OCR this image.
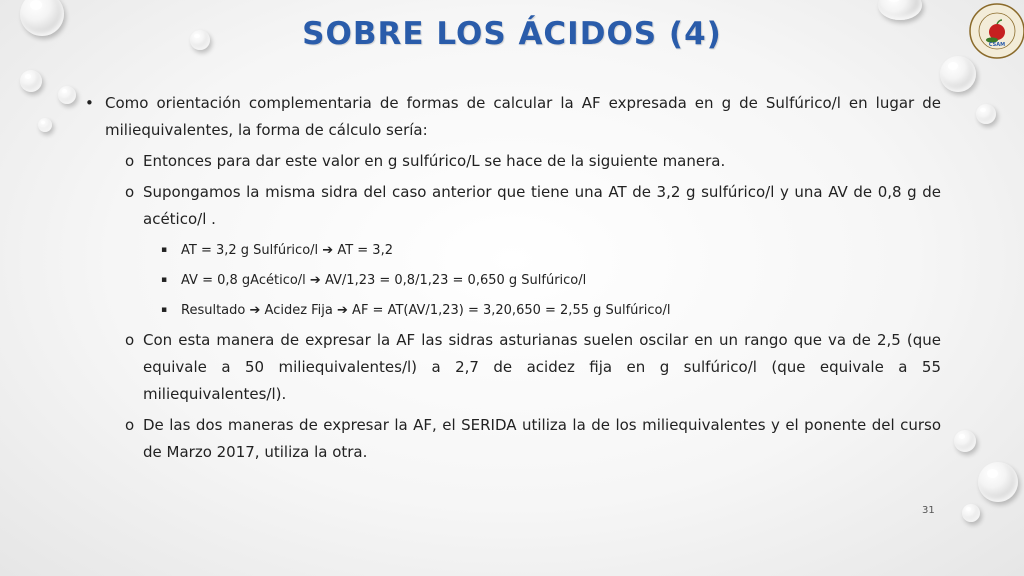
CSAM
SOBRE LOS ÁCIDOS (4)
• Como orientación complementaria de formas de calcular la AF expresada en g de Sulfúrico/l en lugar de miliequivalentes, la forma de cálculo sería:
o Entonces para dar este valor en g sulfúrico/L se hace de la siguiente manera.
o Supongamos la misma sidra del caso anterior que tiene una AT de 3,2 g sulfúrico/l y una AV de 0,8 g de acético/l .
▪ AT = 3,2 g Sulfúrico/l ➔ AT = 3,2
▪ AV = 0,8 gAcético/l ➔ AV/1,23 = 0,8/1,23 = 0,650 g Sulfúrico/l
▪ Resultado ➔ Acidez Fija ➔ AF = AT(AV/1,23) = 3,20,650 = 2,55 g Sulfúrico/l
o Con esta manera de expresar la AF las sidras asturianas suelen oscilar en un rango que va de 2,5 (que equivale a 50 miliequivalentes/l) a 2,7 de acidez fija en g sulfúrico/l (que equivale a 55 miliequivalentes/l).
o De las dos maneras de expresar la AF, el SERIDA utiliza la de los miliequivalentes y el ponente del curso de Marzo 2017, utiliza la otra.
31
